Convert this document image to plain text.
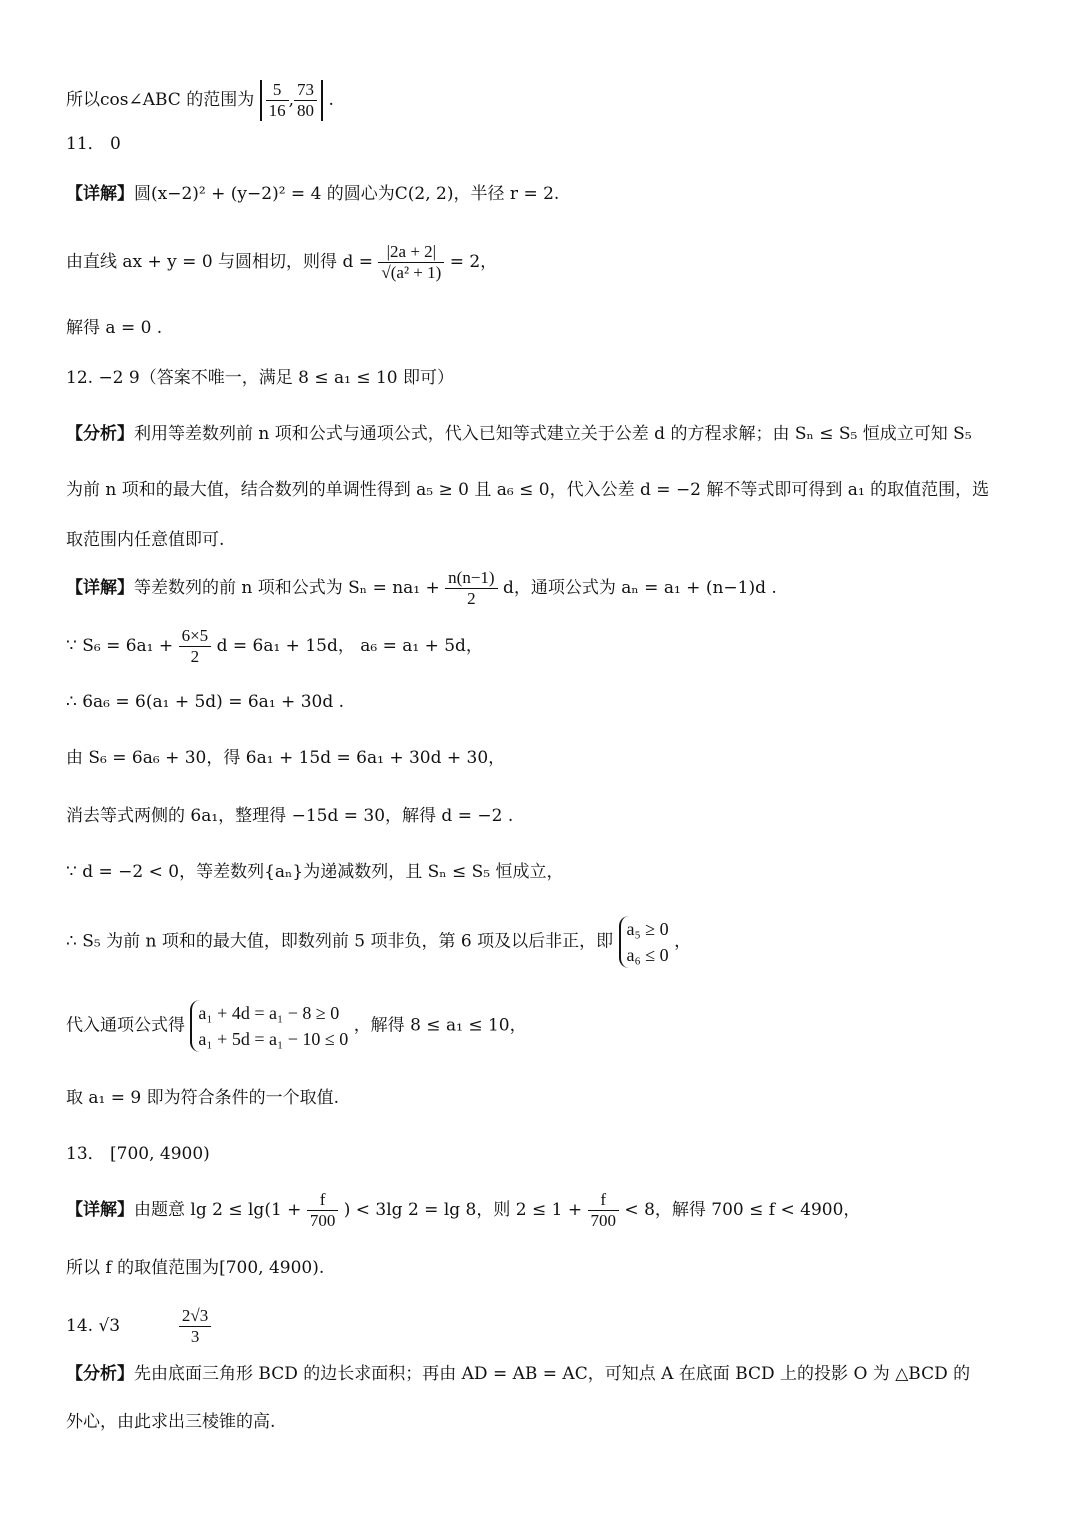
所以cos∠ABC 的范围为 $\frac{5}{16}$ , $\frac{73}{80}$ .
11． 0
【详解】圆(x−2)² + (y−2)² = 4 的圆心为C(2, 2)，半径 r = 2.
由直线 ax + y = 0 与圆相切，则得 $d = \frac{|2a + 2|}{\text{√(a² + 1)}} = 2$，
解得 a = 0 .
12. −2 9（答案不唯一，满足 8 ≤ a₁ ≤ 10 即可）
【分析】利用等差数列前 n 项和公式与通项公式，代入已知等式建立关于公差 d 的方程求解；由 Sₙ ≤ S₅ 恒成立可知 S₅
为前 n 项和的最大值，结合数列的单调性得到 a₅ ≥ 0 且 a₆ ≤ 0，代入公差 d = −2 解不等式即可得到 a₁ 的取值范围，选
取范围内任意值即可.
【详解】等差数列的前 n 项和公式为 $S_n = na_1 + \frac{n(n-1)}{2}$ d，通项公式为 aₙ = a₁ + (n−1)d .
∵ $S_6 = 6a_1 + \frac{6\times 5}{2}$ d = 6a₁ + 15d， a₆ = a₁ + 5d，
∴ 6a₆ = 6(a₁ + 5d) = 6a₁ + 30d .
由 S₆ = 6a₆ + 30，得 6a₁ + 15d = 6a₁ + 30d + 30，
消去等式两侧的 6a₁，整理得 −15d = 30，解得 d = −2 .
∵ d = −2 < 0，等差数列{aₙ}为递减数列，且 Sₙ ≤ S₅ 恒成立，
∴ S₅ 为前 n 项和的最大值，即数列前 5 项非负，第 6 项及以后非正，即 a₅ ≥ 0
a₆ ≤ 0 ，
代入通项公式得 a₁ + 4d = a₁ − 8 ≥ 0
a₁ + 5d = a₁ − 10 ≤ 0 ，解得 8 ≤ a₁ ≤ 10，
取 a₁ = 9 即为符合条件的一个取值.
13． [700, 4900)
【详解】由题意 $\lg 2 \le \lg(1 + \frac{f}{700}$ ) < 3lg 2 = lg 8，则 $2 \le 1 + \frac{f}{700} < 8$，解得 700 ≤ f < 4900，
所以 f 的取值范围为[700, 4900).
14. √3	$\frac{2√3}{3}$
【分析】先由底面三角形 BCD 的边长求面积；再由 AD = AB = AC，可知点 A 在底面 BCD 上的投影 O 为 △BCD 的
外心，由此求出三棱锥的高.
